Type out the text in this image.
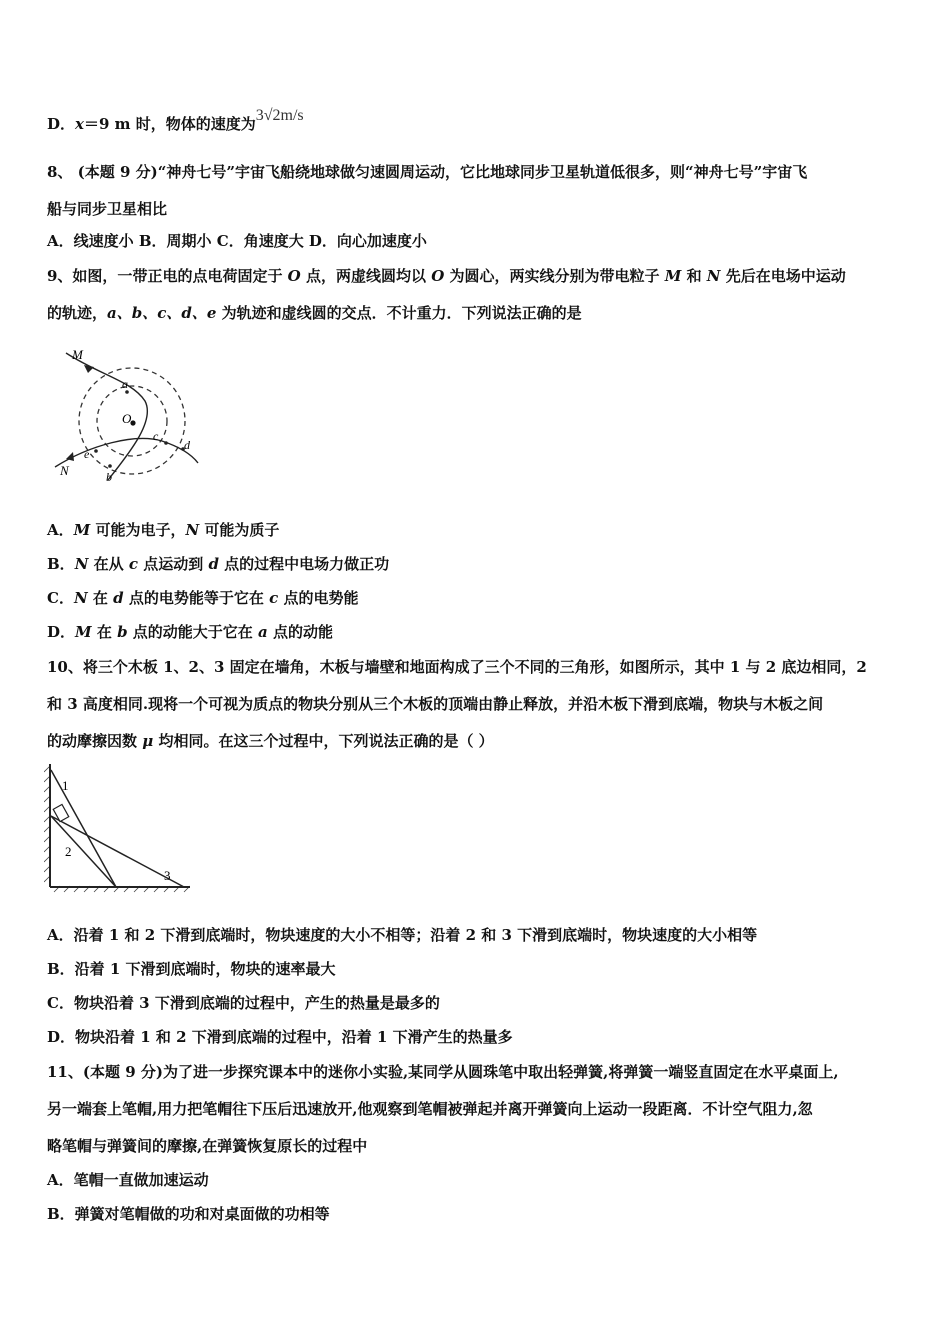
D．x＝9 m 时，物体的速度为3√2m/s
8、 (本题 9 分)“神舟七号”宇宙飞船绕地球做匀速圆周运动，它比地球同步卫星轨道低很多，则“神舟七号”宇宙飞
船与同步卫星相比
A．线速度小 B．周期小 C．角速度大 D．向心加速度小
9、如图，一带正电的点电荷固定于 O 点，两虚线圆均以 O 为圆心，两实线分别为带电粒子 M 和 N 先后在电场中运动
的轨迹，a、b、c、d、e 为轨迹和虚线圆的交点．不计重力．下列说法正确的是
M
N
O
a
b
c
d
e
A．M 可能为电子，N 可能为质子
B．N 在从 c 点运动到 d 点的过程中电场力做正功
C．N 在 d 点的电势能等于它在 c 点的电势能
D．M 在 b 点的动能大于它在 a 点的动能
10、将三个木板 1、2、3 固定在墙角，木板与墙壁和地面构成了三个不同的三角形，如图所示，其中 1 与 2 底边相同，2
和 3 高度相同.现将一个可视为质点的物块分别从三个木板的顶端由静止释放，并沿木板下滑到底端，物块与木板之间
的动摩擦因数 μ 均相同。在这三个过程中，下列说法正确的是（ ）
1
2
3
A．沿着 1 和 2 下滑到底端时，物块速度的大小不相等；沿着 2 和 3 下滑到底端时，物块速度的大小相等
B．沿着 1 下滑到底端时，物块的速率最大
C．物块沿着 3 下滑到底端的过程中，产生的热量是最多的
D．物块沿着 1 和 2 下滑到底端的过程中，沿着 1 下滑产生的热量多
11、(本题 9 分)为了进一步探究课本中的迷你小实验,某同学从圆珠笔中取出轻弹簧,将弹簧一端竖直固定在水平桌面上,
另一端套上笔帽,用力把笔帽往下压后迅速放开,他观察到笔帽被弹起并离开弹簧向上运动一段距离．不计空气阻力,忽
略笔帽与弹簧间的摩擦,在弹簧恢复原长的过程中
A．笔帽一直做加速运动
B．弹簧对笔帽做的功和对桌面做的功相等
